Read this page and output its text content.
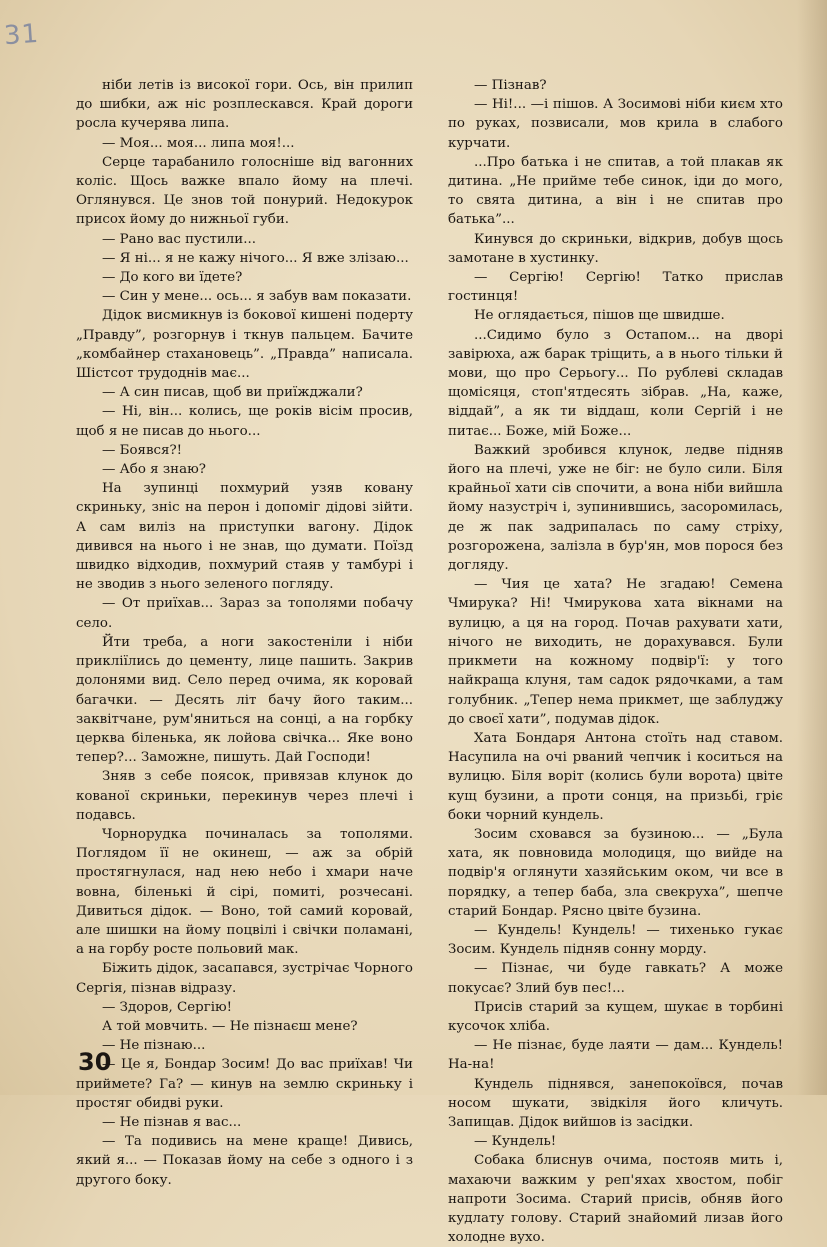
31

ніби летів із високої гори. Ось, він прилип до шибки, аж ніс розплескався. Край дороги росла кучерява липа.

— Моя... моя... липа моя!...

Серце тарабанило голосніше від вагонних коліс. Щось важке впало йому на плечі. Оглянувся. Це знов той понурий. Недокурок присох йому до нижньої губи.

— Рано вас пустили...

— Я ні... я не кажу нічого... Я вже злізаю...

— До кого ви їдете?

— Син у мене... ось... я забув вам показати.

Дідок висмикнув із бокової кишені подерту „Правду”, розгорнув і ткнув пальцем. Бачите „комбайнер стахановець”. „Правда” написала. Шістсот трудоднів має...

— А син писав, щоб ви приїжджали?

— Ні, він... колись, ще років вісім просив, щоб я не писав до нього...

— Боявся?!

— Або я знаю?

На зупинці похмурий узяв ковану скриньку, зніс на перон і допоміг дідові зійти. А сам виліз на приступки вагону. Дідок дивився на нього і не знав, що думати. Поїзд швидко відходив, похмурий стаяв у тамбурі і не зводив з нього зеленого погляду.

— От приїхав... Зараз за тополями побачу село.

Йти треба, а ноги закостеніли і ніби прикліїлись до цементу, лице пашить. Закрив долонями вид. Село перед очима, як коровай багачки. — Десять літ бачу його таким... заквітчане, рум'яниться на сонці, а на горбку церква біленька, як лойова свічка... Яке воно тепер?... Заможне, пишуть. Дай Господи!

Зняв з себе поясок, привязав клунок до кованої скриньки, перекинув через плечі і подавсь.

Чорнорудка починалась за тополями. Поглядом її не окинеш, — аж за обрій простягнулася, над нею небо і хмари наче вовна, біленькі й сірі, помиті, розчесані. Дивиться дідок. — Воно, той самий коровай, але шишки на йому поцвілі і свічки поламані, а на горбу росте польовий мак.

Біжить дідок, засапався, зустрічає Чорного Сергія, пізнав відразу.

— Здоров, Сергію!

А той мовчить. — Не пізнаєш мене?

— Не пізнаю...

— Це я, Бондар Зосим! До вас приїхав! Чи приймете? Га? — кинув на землю скриньку і простяг обидві руки.

— Не пізнав я вас...

— Та подивись на мене краще! Дивись, який я... — Показав йому на себе з одного і з другого боку.

— Пізнав?

— Ні!... —і пішов. А Зосимові ніби києм хто по руках, позвисали, мов крила в слабого курчати.

...Про батька і не спитав, а той плакав як дитина. „Не прийме тебе синок, іди до мого, то свята дитина, а він і не спитав про батька”...

Кинувся до скриньки, відкрив, добув щось замотане в хустинку.

— Сергію! Сергію! Татко прислав гостинця!

Не оглядається, пішов ще швидше.

...Сидимо було з Остапом... на дворі завірюха, аж барак тріщить, а в нього тільки й мови, що про Серьогу... По рублеві складав щомісяця, стоп'ятдесять зібрав. „На, каже, віддай”, а як ти віддаш, коли Сергій і не питає... Боже, мій Боже...

Важкий зробився клунок, ледве підняв його на плечі, уже не біг: не було сили. Біля крайньої хати сів спочити, а вона ніби вийшла йому назустріч і, зупинившись, засоромилась, де ж пак задрипалась по саму стріху, розгорожена, залізла в бур'ян, мов порося без догляду.

— Чия це хата? Не згадаю! Семена Чмирука? Ні! Чмирукова хата вікнами на вулицю, а ця на город. Почав рахувати хати, нічого не виходить, не дорахувався. Були прикмети на кожному подвір'ї: у того найкраща клуня, там садок рядочками, а там голубник. „Тепер нема прикмет, ще заблуджу до своєї хати”, подумав дідок.

Хата Бондаря Антона стоїть над ставом. Насупила на очі рваний чепчик і коситься на вулицю. Біля воріт (колись були ворота) цвіте кущ бузини, а проти сонця, на призьбі, гріє боки чорний кундель.

Зосим сховався за бузиною... — „Була хата, як повновида молодиця, що вийде на подвір'я оглянути хазяйським оком, чи все в порядку, а тепер баба, зла свекруха”, шепче старий Бондар. Рясно цвіте бузина.

— Кундель! Кундель! — тихенько гукає Зосим. Кундель підняв сонну морду.

— Пізнає, чи буде гавкать? А може покусає? Злий був пес!...

Присів старий за кущем, шукає в торбині кусочок хліба.

— Не пізнає, буде лаяти — дам... Кундель! На-на!

Кундель піднявся, занепокоївся, почав носом шукати, звідкіля його кличуть. Запищав. Дідок вийшов із засідки.

— Кундель!

Собака блиснув очима, постояв мить і, махаючи важким у реп'яхах хвостом, побіг напроти Зосима. Старий присів, обняв його кудлату голову. Старий знайомий лизав його холодне вухо.

30
